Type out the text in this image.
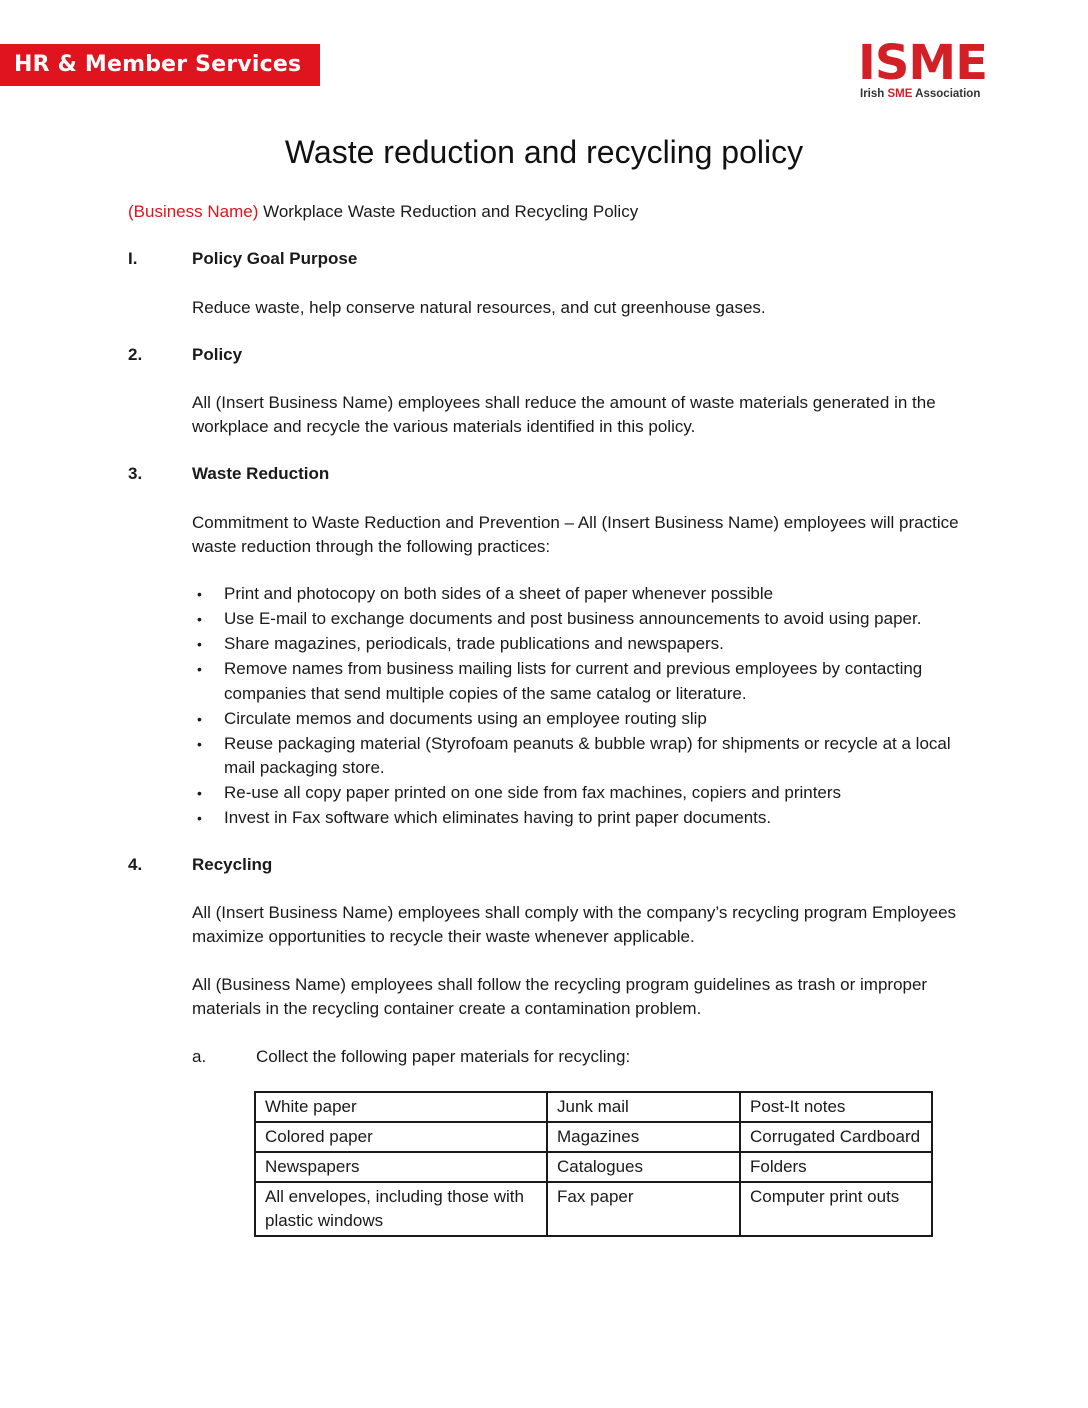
HR & Member Services	ISME
Irish SME Association
Waste reduction and recycling policy
(Business Name) Workplace Waste Reduction and Recycling Policy
I.	Policy Goal Purpose
Reduce waste, help conserve natural resources, and cut greenhouse gases.
2.	Policy
All (Insert Business Name) employees shall reduce the amount of waste materials generated in the workplace and recycle the various materials identified in this policy.
3.	Waste Reduction
Commitment to Waste Reduction and Prevention – All (Insert Business Name) employees will practice waste reduction through the following practices:
• Print and photocopy on both sides of a sheet of paper whenever possible
• Use E-mail to exchange documents and post business announcements to avoid using paper.
• Share magazines, periodicals, trade publications and newspapers.
• Remove names from business mailing lists for current and previous employees by contacting companies that send multiple copies of the same catalog or literature.
• Circulate memos and documents using an employee routing slip
• Reuse packaging material (Styrofoam peanuts & bubble wrap) for shipments or recycle at a local mail packaging store.
• Re-use all copy paper printed on one side from fax machines, copiers and printers
• Invest in Fax software which eliminates having to print paper documents.
4.	Recycling
All (Insert Business Name) employees shall comply with the company’s recycling program Employees maximize opportunities to recycle their waste whenever applicable.
All (Business Name) employees shall follow the recycling program guidelines as trash or improper materials in the recycling container create a contamination problem.
a.	Collect the following paper materials for recycling:
White paper	Junk mail	Post-It notes
Colored paper	Magazines	Corrugated Cardboard
Newspapers	Catalogues	Folders
All envelopes, including those with plastic windows	Fax paper	Computer print outs
